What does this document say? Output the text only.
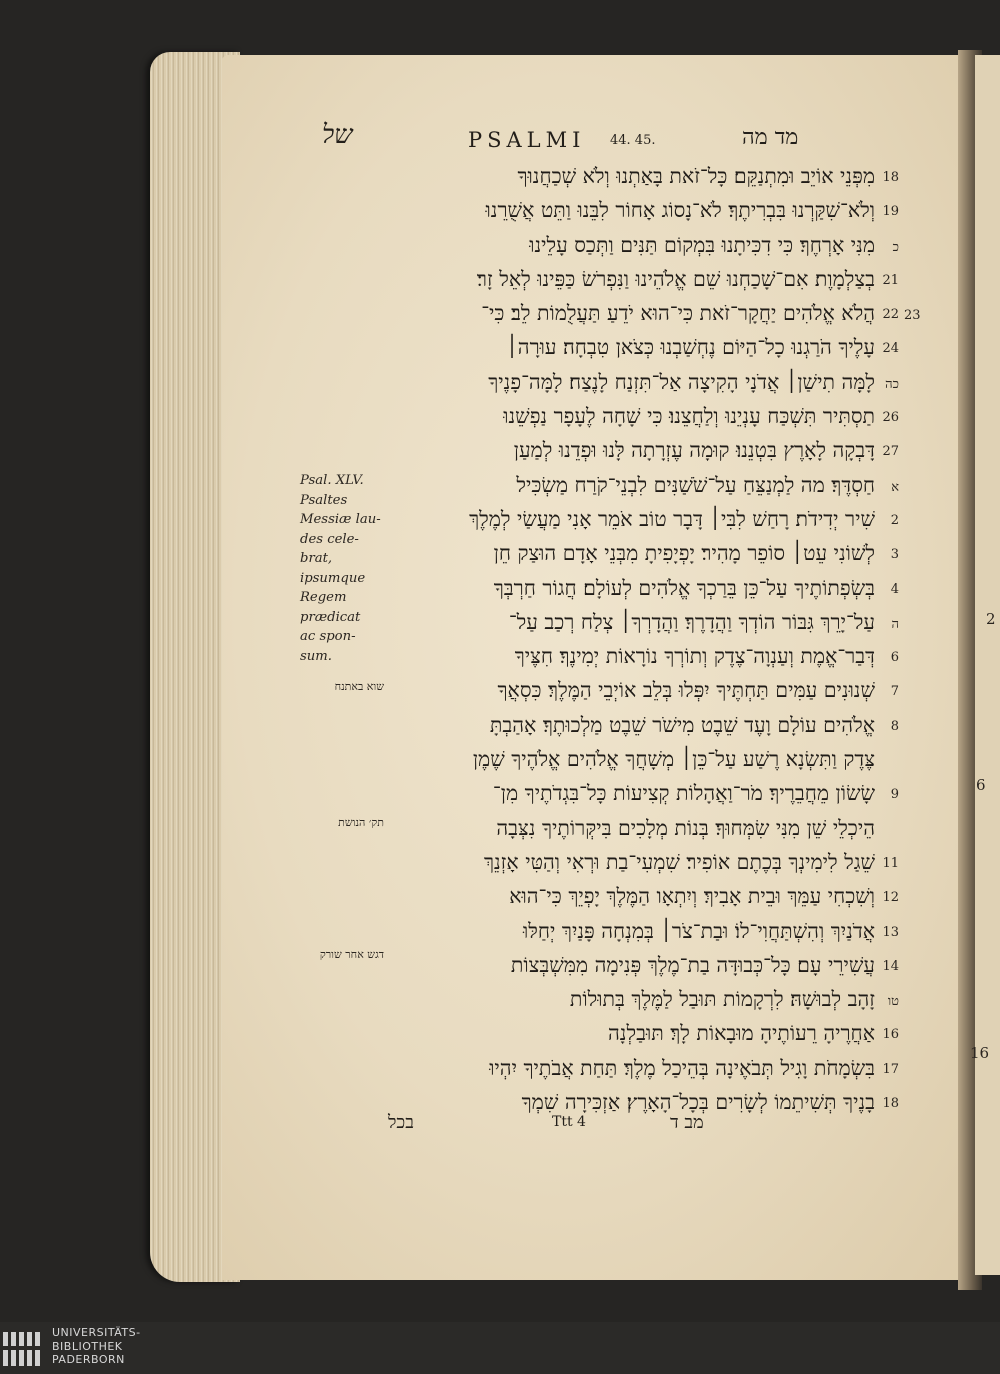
2
6
16
של	PSALMI 44. 45.	מד מה
מִפְּנֵי אוֹיֵב וּמִתְנַקֵּם׃ כָּל־זֹאת בָּאַתְנוּ וְלֹא שְׁכַחֲנוּךָ 18
וְלֹא־שִׁקַּרְנוּ בִּבְרִיתֶךָ׃ לֹא־נָסוֹג אָחוֹר לִבֵּנוּ וַתֵּט אֲשֻׁרֵנוּ 19
מִנִּי אָרְחֶךָ׃ כִּי דִכִּיתָנוּ בִּמְקוֹם תַּנִּים וַתְּכַס עָלֵינוּ כ
בְצַלְמָוֶת׃ אִם־שָׁכַחְנוּ שֵׁם אֱלֹהֵינוּ וַנִּפְרֹשׂ כַּפֵּינוּ לְאֵל זָר׃ 21
הֲלֹא אֱלֹהִים יַחֲקָר־זֹאת כִּי־הוּא יֹדֵעַ תַּעֲלֻמוֹת לֵב׃ כִּי־ 22
עָלֶיךָ הֹרַגְנוּ כָל־הַיּוֹם נֶחְשַׁבְנוּ כְּצֹאן טִבְחָה׃ עוּרָה׀ 24
לָמָּה תִישַׁן׀ אֲדֹנָי הָקִיצָה אַל־תִּזְנַח לָנֶצַח׃ לָמָּה־פָנֶיךָ כה
תַסְתִּיר תִּשְׁכַּח עָנְיֵנוּ וְלַחֲצֵנוּ׃ כִּי שָׁחָה לֶעָפָר נַפְשֵׁנוּ 26
דָּבְקָה לָאָרֶץ בִּטְנֵנוּ׃ קוּמָה עֶזְרָתָה לָּנוּ וּפְדֵנוּ לְמַעַן 27
חַסְדֶּךָ׃ מה לַמְנַצֵּחַ עַל־שֹׁשַׁנִּים לִבְנֵי־קֹרַח מַשְׂכִּיל א
שִׁיר יְדִידֹת׃ רָחַשׁ לִבִּי׀ דָּבָר טוֹב אֹמֵר אָנִי מַעֲשַׂי לְמֶלֶךְ 2
לְשׁוֹנִי עֵט׀ סוֹפֵר מָהִיר׃ יָפְיָפִיתָ מִבְּנֵי אָדָם הוּצַק חֵן 3
בְּשְׂפְתוֹתֶיךָ עַל־כֵּן בֵּרַכְךָ אֱלֹהִים לְעוֹלָם׃ חֲגוֹר חַרְבְּךָ 4
עַל־יָרֵךְ גִּבּוֹר הוֹדְךָ וַהֲדָרֶךָ׃ וַהֲדָרְךָ׀ צְלַח רְכַב עַל־ ה
דְּבַר־אֱמֶת וְעַנְוָה־צֶדֶק וְתוֹרְךָ נוֹרָאוֹת יְמִינֶךָ׃ חִצֶּיךָ 6
שְׁנוּנִים עַמִּים תַּחְתֶּיךָ יִפְּלוּ בְּלֵב אוֹיְבֵי הַמֶּלֶךְ׃ כִּסְאֲךָ 7
אֱלֹהִים עוֹלָם וָעֶד שֵׁבֶט מִישֹׁר שֵׁבֶט מַלְכוּתֶךָ׃ אָהַבְתָּ 8
צֶּדֶק וַתִּשְׂנָא רֶשַׁע עַל־כֵּן׀ מְשָׁחֲךָ אֱלֹהִים אֱלֹהֶיךָ שֶׁמֶן
שָׂשׂוֹן מֵחֲבֵרֶיךָ׃ מֹר־וַאֲהָלוֹת קְצִיעוֹת כָּל־בִּגְדֹתֶיךָ מִן־ 9
הֵיכְלֵי שֵׁן מִנִּי שִׂמְּחוּךָ׃ בְּנוֹת מְלָכִים בִּיקְּרוֹתֶיךָ נִצְּבָה
שֵׁגַל לִימִינְךָ בְּכֶתֶם אוֹפִיר׃ שִׁמְעִי־בַת וּרְאִי וְהַטִּי אָזְנֵךְ 11
וְשִׁכְחִי עַמֵּךְ וּבֵית אָבִיךְ׃ וְיִתְאָו הַמֶּלֶךְ יָפְיֵךְ כִּי־הוּא 12
אֲדֹנַיִךְ וְהִשְׁתַּחֲוִי־לוֹ׃ וּבַת־צֹר׀ בְּמִנְחָה פָּנַיִךְ יְחַלּוּ 13
עֲשִׁירֵי עָם׃ כָּל־כְּבוּדָּה בַת־מֶלֶךְ פְּנִימָה מִמִּשְׁבְּצוֹת 14
זָהָב לְבוּשָׁהּ׃ לִרְקָמוֹת תּוּבַל לַמֶּלֶךְ בְּתוּלוֹת טו
אַחֲרֶיהָ רֵעוֹתֶיהָ מוּבָאוֹת לָךְ׃ תּוּבַלְנָה 16
בִּשְׂמָחֹת וָגִיל תְּבֹאֶינָה בְּהֵיכַל מֶלֶךְ׃ תַּחַת אֲבֹתֶיךָ יִהְיוּ 17
בָנֶיךָ תְּשִׁיתֵמוֹ לְשָׂרִים בְּכָל־הָאָרֶץ׃ אַזְכִּירָה שִׁמְךָ 18
23
Psal. XLV.
Psaltes
Messiæ lau-
des cele-
brat,
ipsumque
Regem
prædicat
ac spon-
sum.
שוא באתנח
תק׳ הנושת
דגש אחר שורק
בכל	Ttt 4	מב ד
UNIVERSITÄTS-
BIBLIOTHEK
PADERBORN
